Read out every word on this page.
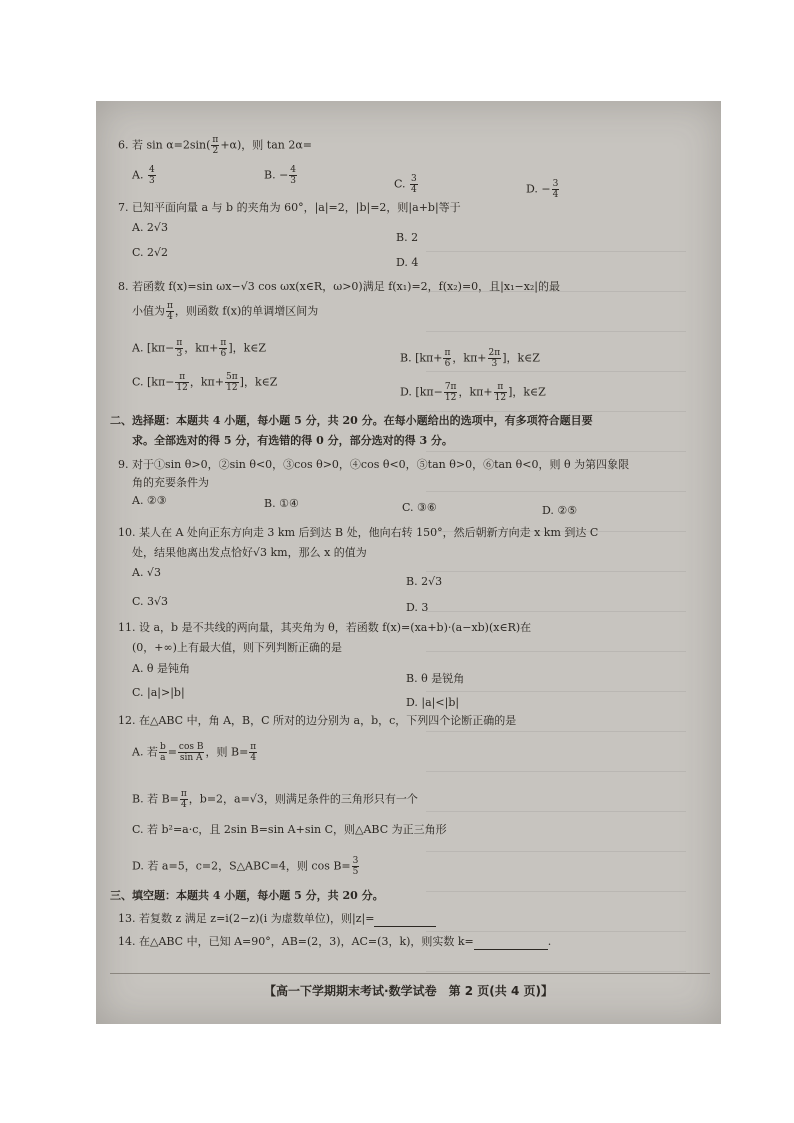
6. 若 $\sin \alpha=2\sin( \frac{\pi}{2} +\alpha)$，则 tan 2α=
A. $\frac{4}{3}$	B. − $\frac{4}{3}$	C. $\frac{3}{4}$	D. − $\frac{3}{4}$
7. 已知平面向量 a 与 b 的夹角为 60°，|a|=2，|b|=2，则|a+b|等于
A. 2√3
B. 2
C. 2√2
D. 4
8. 若函数 f(x)=sin ωx−√3 cos ωx(x∈R，ω>0)满足 f(x₁)=2，f(x₂)=0，且|x₁−x₂|的最
小值为 $\frac{\pi}{4}$ ，则函数 f(x)的单调增区间为
A. [$k\pi- \frac{\pi}{3}$ ，$k\pi+ \frac{\pi}{6}$ ]，k∈Z
B. [$k\pi+ \frac{\pi}{6}$ ，$k\pi+ \frac{2\pi}{3}$ ]，k∈Z
C. [$k\pi- \frac{\pi}{12}$ ，$k\pi+ \frac{5\pi}{12}$ ]，k∈Z
D. [$k\pi- \frac{7\pi}{12}$ ，$k\pi+ \frac{\pi}{12}$ ]，k∈Z
二、选择题：本题共 4 小题，每小题 5 分，共 20 分。在每小题给出的选项中，有多项符合题目要
求。全部选对的得 5 分，有选错的得 0 分，部分选对的得 3 分。
9. 对于①sin θ>0，②sin θ<0，③cos θ>0，④cos θ<0，⑤tan θ>0，⑥tan θ<0，则 θ 为第四象限
角的充要条件为
A. ②③	B. ①④	C. ③⑥	D. ②⑤
10. 某人在 A 处向正东方向走 3 km 后到达 B 处，他向右转 150°，然后朝新方向走 x km 到达 C
处，结果他离出发点恰好√3 km，那么 x 的值为
A. √3
B. 2√3
C. 3√3	D. 3
11. 设 a，b 是不共线的两向量，其夹角为 θ，若函数 f(x)=(xa+b)·(a−xb)(x∈R)在
(0，+∞)上有最大值，则下列判断正确的是
A. θ 是钝角
B. θ 是锐角
C. |a|>|b|
D. |a|<|b|
12. 在△ABC 中，角 A，B，C 所对的边分别为 a，b，c，下列四个论断正确的是
A. 若 $\frac{b}{a} = \frac{\text{cos B}}{\text{sin A}}$ ，则 $B= \frac{\pi}{4}$
B. 若 $B= \frac{\pi}{4}$ ，b=2，a=√3，则满足条件的三角形只有一个
C. 若 b²=a·c，且 2sin B=sin A+sin C，则△ABC 为正三角形
D. 若 a=5，c=2，S△ABC=4，则 $\cos B= \frac{3}{5}$
三、填空题：本题共 4 小题，每小题 5 分，共 20 分。
13. 若复数 z 满足 z=i(2−z)(i 为虚数单位)，则|z|=
14. 在△ABC 中，已知 A=90°，AB=(2，3)，AC=(3，k)，则实数 k=	.
【高一下学期期末考试·数学试卷　第 2 页(共 4 页)】
